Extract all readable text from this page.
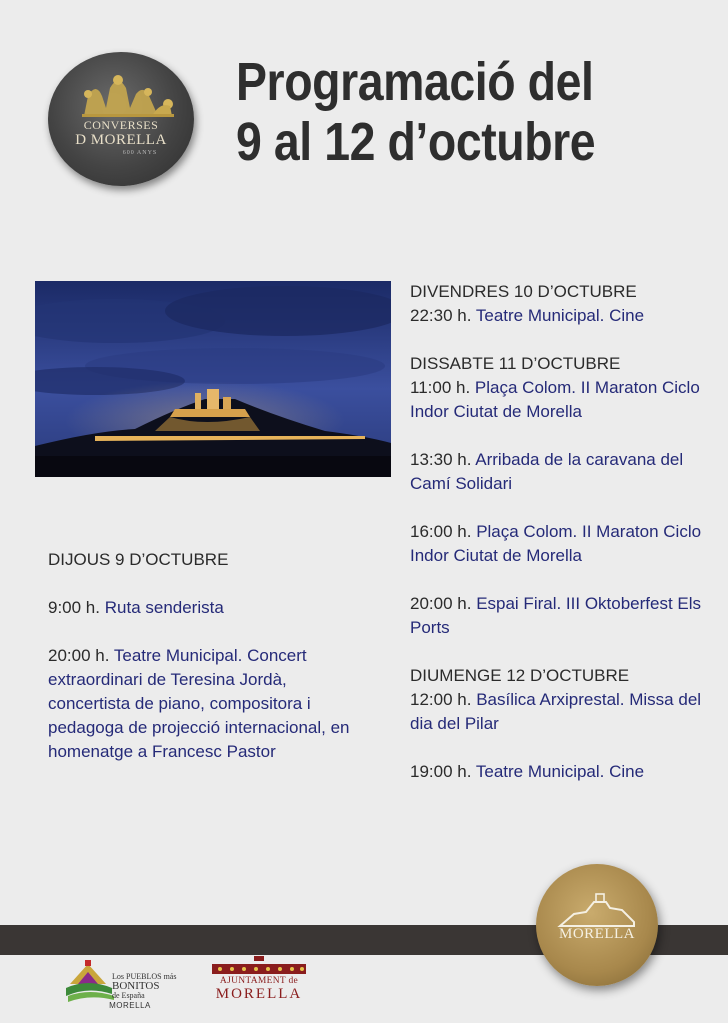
CONVERSES
D MORELLA
600 ANYS
Programació del
9 al 12 d’octubre

DIJOUS 9 D’OCTUBRE

9:00 h. Ruta senderista

20:00 h. Teatre Municipal. Concert extraordinari de Teresina Jordà, concertista de piano, compositora i pedagoga de projecció internacional, en homenatge a Francesc Pastor

DIVENDRES 10 D’OCTUBRE

22:30 h. Teatre Municipal. Cine

DISSABTE 11 D’OCTUBRE

11:00 h. Plaça Colom. II Maraton Ciclo Indor Ciutat de Morella

13:30 h. Arribada de la caravana del Camí Solidari

16:00 h. Plaça Colom. II Maraton Ciclo Indor Ciutat de Morella

20:00 h. Espai Firal. III Oktoberfest Els Ports

DIUMENGE 12 D’OCTUBRE

12:00 h. Basílica Arxiprestal. Missa del dia del Pilar

19:00 h. Teatre Municipal. Cine

MORELLA
Los PUEBLOS más
BONITOS
de España
MORELLA
AJUNTAMENT de
MORELLA
